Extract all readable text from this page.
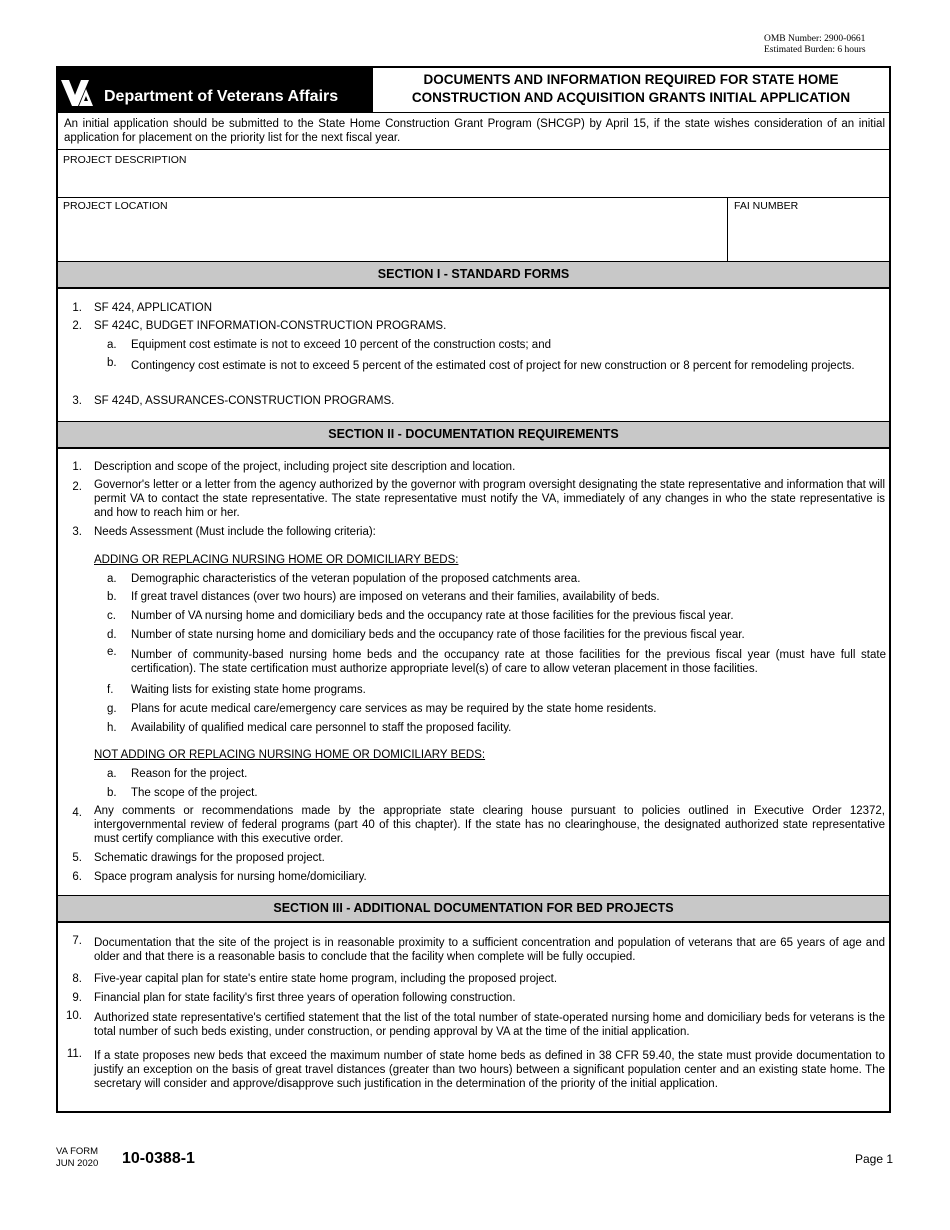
OMB Number: 2900-0661
Estimated Burden: 6 hours
Department of Veterans Affairs
DOCUMENTS AND INFORMATION REQUIRED FOR STATE HOME
CONSTRUCTION AND ACQUISITION GRANTS INITIAL APPLICATION
An initial application should be submitted to the State Home Construction Grant Program (SHCGP) by April 15, if the state wishes consideration of an initial application for placement on the priority list for the next fiscal year.
PROJECT DESCRIPTION
PROJECT LOCATION	FAI NUMBER
SECTION I - STANDARD FORMS
1. SF 424, APPLICATION
2. SF 424C, BUDGET INFORMATION-CONSTRUCTION PROGRAMS.
a. Equipment cost estimate is not to exceed 10 percent of the construction costs; and
b. Contingency cost estimate is not to exceed 5 percent of the estimated cost of project for new construction or 8 percent for remodeling projects.
3. SF 424D, ASSURANCES-CONSTRUCTION PROGRAMS.
SECTION II - DOCUMENTATION REQUIREMENTS
1. Description and scope of the project, including project site description and location.
2. Governor's letter or a letter from the agency authorized by the governor with program oversight designating the state representative and information that will permit VA to contact the state representative. The state representative must notify the VA, immediately of any changes in who the state representative is and how to reach him or her.
3. Needs Assessment (Must include the following criteria):
ADDING OR REPLACING NURSING HOME OR DOMICILIARY BEDS:
a. Demographic characteristics of the veteran population of the proposed catchments area.
b. If great travel distances (over two hours) are imposed on veterans and their families, availability of beds.
c. Number of VA nursing home and domiciliary beds and the occupancy rate at those facilities for the previous fiscal year.
d. Number of state nursing home and domiciliary beds and the occupancy rate of those facilities for the previous fiscal year.
e. Number of community-based nursing home beds and the occupancy rate at those facilities for the previous fiscal year (must have full state certification). The state certification must authorize appropriate level(s) of care to allow veteran placement in those facilities.
f. Waiting lists for existing state home programs.
g. Plans for acute medical care/emergency care services as may be required by the state home residents.
h. Availability of qualified medical care personnel to staff the proposed facility.
NOT ADDING OR REPLACING NURSING HOME OR DOMICILIARY BEDS:
a. Reason for the project.
b. The scope of the project.
4. Any comments or recommendations made by the appropriate state clearing house pursuant to policies outlined in Executive Order 12372, intergovernmental review of federal programs (part 40 of this chapter). If the state has no clearinghouse, the designated authorized state representative must certify compliance with this executive order.
5. Schematic drawings for the proposed project.
6. Space program analysis for nursing home/domiciliary.
SECTION III - ADDITIONAL DOCUMENTATION FOR BED PROJECTS
7. Documentation that the site of the project is in reasonable proximity to a sufficient concentration and population of veterans that are 65 years of age and older and that there is a reasonable basis to conclude that the facility when complete will be fully occupied.
8. Five-year capital plan for state's entire state home program, including the proposed project.
9. Financial plan for state facility's first three years of operation following construction.
10. Authorized state representative's certified statement that the list of the total number of state-operated nursing home and domiciliary beds for veterans is the total number of such beds existing, under construction, or pending approval by VA at the time of the initial application.
11. If a state proposes new beds that exceed the maximum number of state home beds as defined in 38 CFR 59.40, the state must provide documentation to justify an exception on the basis of great travel distances (greater than two hours) between a significant population center and an existing state home. The secretary will consider and approve/disapprove such justification in the determination of the priority of the initial application.
VA FORM
JUN 2020 10-0388-1	Page 1
